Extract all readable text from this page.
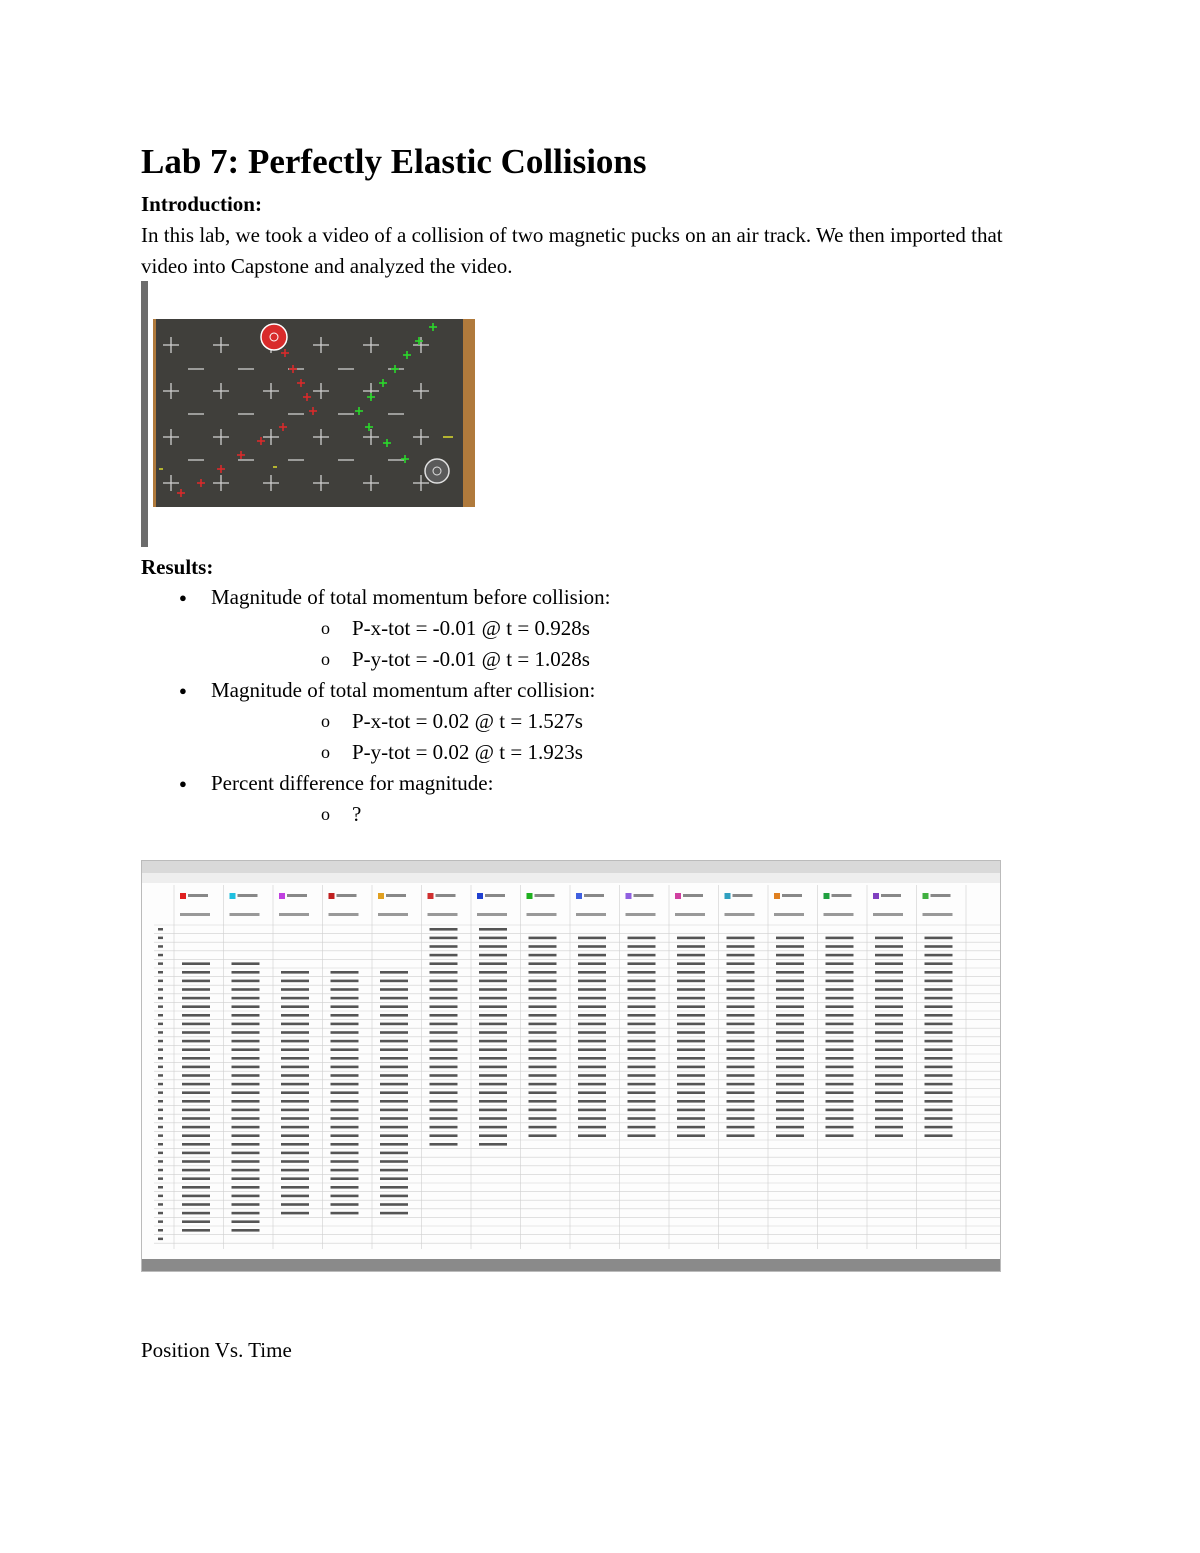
Lab 7: Perfectly Elastic Collisions

Introduction:

In this lab, we took a video of a collision of two magnetic pucks on an air track. We then imported that video into Capstone and analyzed the video.

Results:

● Magnitude of total momentum before collision:
o P-x-tot = -0.01 @ t = 0.928s
o P-y-tot = -0.01 @ t = 1.028s
● Magnitude of total momentum after collision:
o P-x-tot = 0.02 @ t = 1.527s
o P-y-tot = 0.02 @ t = 1.923s
● Percent difference for magnitude:
o ?

Position Vs. Time
